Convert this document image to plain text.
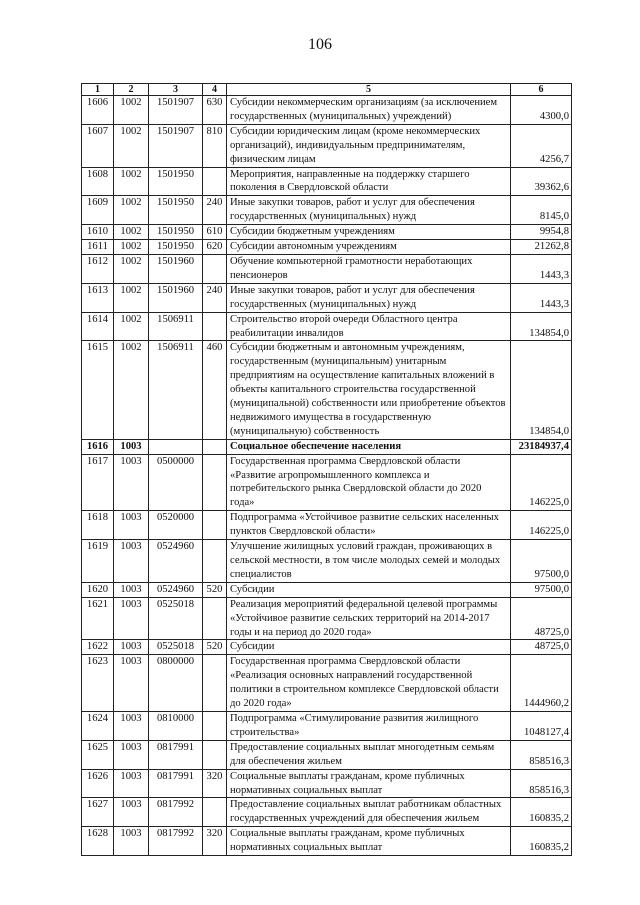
106
1	2	3	4	5	6
1606	1002	1501907	630	Субсидии некоммерческим организациям (за исключением государственных (муниципальных) учреждений)	4300,0
1607	1002	1501907	810	Субсидии юридическим лицам (кроме некоммерческих организаций), индивидуальным предпринимателям, физическим лицам	4256,7
1608	1002	1501950		Мероприятия, направленные на поддержку старшего поколения в Свердловской области	39362,6
1609	1002	1501950	240	Иные закупки товаров, работ и услуг для обеспечения государственных (муниципальных) нужд	8145,0
1610	1002	1501950	610	Субсидии бюджетным учреждениям	9954,8
1611	1002	1501950	620	Субсидии автономным учреждениям	21262,8
1612	1002	1501960		Обучение компьютерной грамотности неработающих пенсионеров	1443,3
1613	1002	1501960	240	Иные закупки товаров, работ и услуг для обеспечения государственных (муниципальных) нужд	1443,3
1614	1002	1506911		Строительство второй очереди Областного центра реабилитации инвалидов	134854,0
1615	1002	1506911	460	Субсидии бюджетным и автономным учреждениям, государственным (муниципальным) унитарным предприятиям на осуществление капитальных вложений в объекты капитального строительства государственной (муниципальной) собственности или приобретение объектов недвижимого имущества в государственную (муниципальную) собственность	134854,0
1616	1003			Социальное обеспечение населения	23184937,4
1617	1003	0500000		Государственная программа Свердловской области «Развитие агропромышленного комплекса и потребительского рынка Свердловской области до 2020 года»	146225,0
1618	1003	0520000		Подпрограмма «Устойчивое развитие сельских населенных пунктов Свердловской области»	146225,0
1619	1003	0524960		Улучшение жилищных условий граждан, проживающих в сельской местности, в том числе молодых семей и молодых специалистов	97500,0
1620	1003	0524960	520	Субсидии	97500,0
1621	1003	0525018		Реализация мероприятий федеральной целевой программы «Устойчивое развитие сельских территорий на 2014-2017 годы и на период до 2020 года»	48725,0
1622	1003	0525018	520	Субсидии	48725,0
1623	1003	0800000		Государственная программа Свердловской области «Реализация основных направлений государственной политики в строительном комплексе Свердловской области до 2020 года»	1444960,2
1624	1003	0810000		Подпрограмма «Стимулирование развития жилищного строительства»	1048127,4
1625	1003	0817991		Предоставление социальных выплат многодетным семьям для обеспечения жильем	858516,3
1626	1003	0817991	320	Социальные выплаты гражданам, кроме публичных нормативных социальных выплат	858516,3
1627	1003	0817992		Предоставление социальных выплат работникам областных государственных учреждений для обеспечения жильем	160835,2
1628	1003	0817992	320	Социальные выплаты гражданам, кроме публичных нормативных социальных выплат	160835,2
